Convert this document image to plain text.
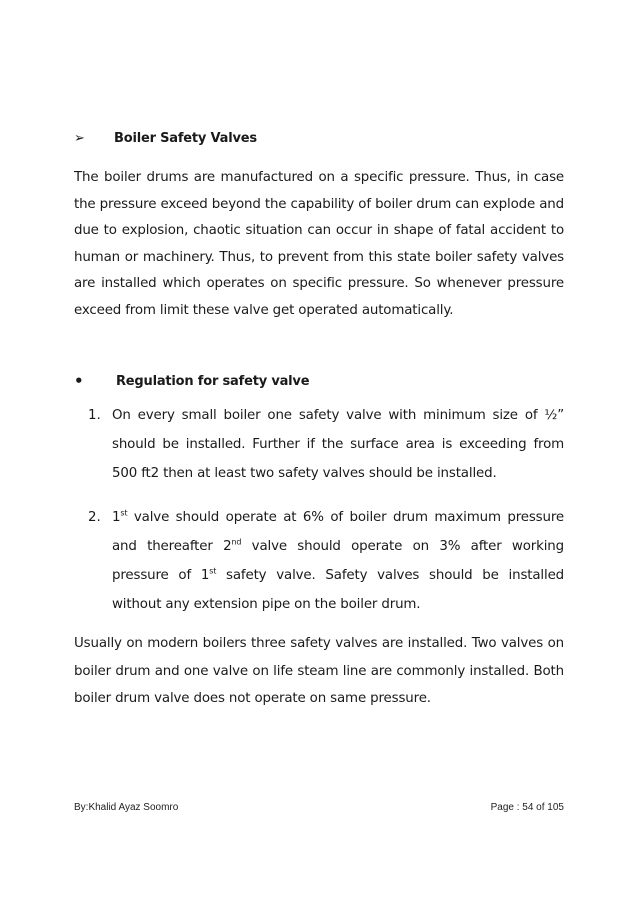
➢	Boiler Safety Valves

The boiler drums are manufactured on a specific pressure. Thus, in case the pressure exceed beyond the capability of boiler drum can explode and due to explosion, chaotic situation can occur in shape of fatal accident to human or machinery. Thus, to prevent from this state boiler safety valves are installed which operates on specific pressure. So whenever pressure exceed from limit these valve get operated automatically.

•	Regulation for safety valve
1. On every small boiler one safety valve with minimum size of ½” should be installed. Further if the surface area is exceeding from 500 ft2 then at least two safety valves should be installed.
2. 1st valve should operate at 6% of boiler drum maximum pressure and thereafter 2nd valve should operate on 3% after working pressure of 1st safety valve. Safety valves should be installed without any extension pipe on the boiler drum.

Usually on modern boilers three safety valves are installed. Two valves on boiler drum and one valve on life steam line are commonly installed. Both boiler drum valve does not operate on same pressure.

By:Khalid Ayaz Soomro	Page : 54 of 105
